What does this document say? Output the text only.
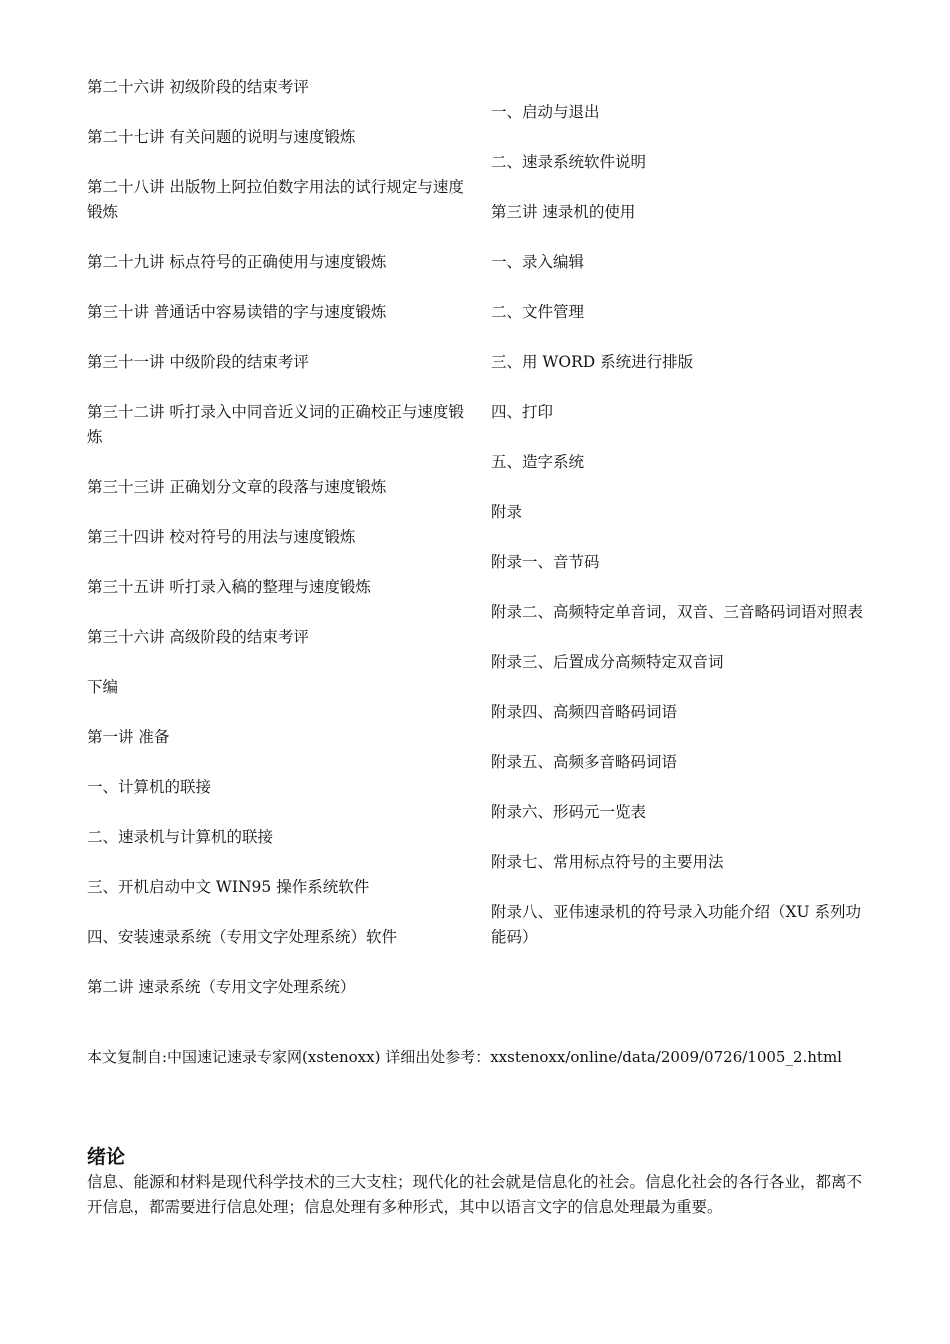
第二十六讲 初级阶段的结束考评
第二十七讲 有关问题的说明与速度锻炼
第二十八讲 出版物上阿拉伯数字用法的试行规定与速度锻炼
第二十九讲 标点符号的正确使用与速度锻炼
第三十讲 普通话中容易读错的字与速度锻炼
第三十一讲 中级阶段的结束考评
第三十二讲 听打录入中同音近义词的正确校正与速度锻炼
第三十三讲 正确划分文章的段落与速度锻炼
第三十四讲 校对符号的用法与速度锻炼
第三十五讲 听打录入稿的整理与速度锻炼
第三十六讲 高级阶段的结束考评
下编
第一讲 准备
一、计算机的联接
二、速录机与计算机的联接
三、开机启动中文 WIN95 操作系统软件
四、安装速录系统（专用文字处理系统）软件
第二讲 速录系统（专用文字处理系统）
一、启动与退出
二、速录系统软件说明
第三讲 速录机的使用
一、录入编辑
二、文件管理
三、用 WORD 系统进行排版
四、打印
五、造字系统
附录
附录一、音节码
附录二、高频特定单音词，双音、三音略码词语对照表
附录三、后置成分高频特定双音词
附录四、高频四音略码词语
附录五、高频多音略码词语
附录六、形码元一览表
附录七、常用标点符号的主要用法
附录八、亚伟速录机的符号录入功能介绍（XU 系列功能码）
本文复制自:中国速记速录专家网(xstenoxx) 详细出处参考：xxstenoxx/online/data/2009/0726/1005_2.html
绪论
信息、能源和材料是现代科学技术的三大支柱；现代化的社会就是信息化的社会。信息化社会的各行各业，都离不开信息，都需要进行信息处理；信息处理有多种形式，其中以语言文字的信息处理最为重要。
